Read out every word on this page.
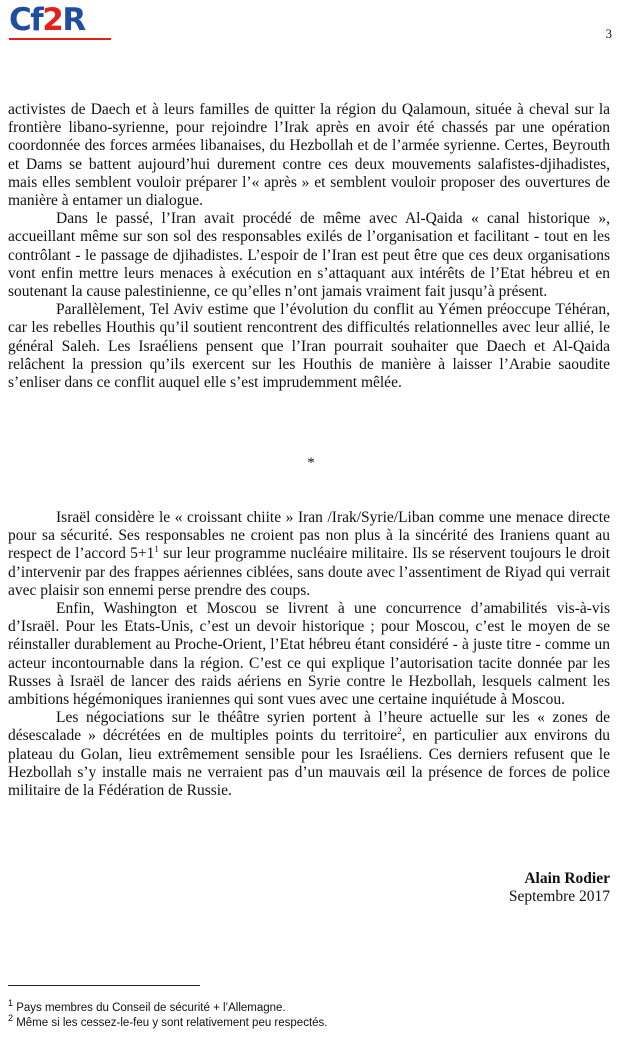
Cf2R	3

activistes de Daech et à leurs familles de quitter la région du Qalamoun, située à cheval sur la frontière libano-syrienne, pour rejoindre l’Irak après en avoir été chassés par une opération coordonnée des forces armées libanaises, du Hezbollah et de l’armée syrienne. Certes, Beyrouth et Dams se battent aujourd’hui durement contre ces deux mouvements salafistes-djihadistes, mais elles semblent vouloir préparer l’« après » et semblent vouloir proposer des ouvertures de manière à entamer un dialogue.

Dans le passé, l’Iran avait procédé de même avec Al-Qaida « canal historique », accueillant même sur son sol des responsables exilés de l’organisation et facilitant - tout en les contrôlant - le passage de djihadistes. L’espoir de l’Iran est peut être que ces deux organisations vont enfin mettre leurs menaces à exécution en s’attaquant aux intérêts de l’Etat hébreu et en soutenant la cause palestinienne, ce qu’elles n’ont jamais vraiment fait jusqu’à présent.

Parallèlement, Tel Aviv estime que l’évolution du conflit au Yémen préoccupe Téhéran, car les rebelles Houthis qu’il soutient rencontrent des difficultés relationnelles avec leur allié, le général Saleh. Les Israéliens pensent que l’Iran pourrait souhaiter que Daech et Al-Qaida relâchent la pression qu’ils exercent sur les Houthis de manière à laisser l’Arabie saoudite s’enliser dans ce conflit auquel elle s’est imprudemment mêlée.

*

Israël considère le « croissant chiite » Iran /Irak/Syrie/Liban comme une menace directe pour sa sécurité. Ses responsables ne croient pas non plus à la sincérité des Iraniens quant au respect de l’accord $5+1^1$ sur leur programme nucléaire militaire. Ils se réservent toujours le droit d’intervenir par des frappes aériennes ciblées, sans doute avec l’assentiment de Riyad qui verrait avec plaisir son ennemi perse prendre des coups.

Enfin, Washington et Moscou se livrent à une concurrence d’amabilités vis-à-vis d’Israël. Pour les Etats-Unis, c’est un devoir historique ; pour Moscou, c’est le moyen de se réinstaller durablement au Proche-Orient, l’Etat hébreu étant considéré - à juste titre - comme un acteur incontournable dans la région. C’est ce qui explique l’autorisation tacite donnée par les Russes à Israël de lancer des raids aériens en Syrie contre le Hezbollah, lesquels calment les ambitions hégémoniques iraniennes qui sont vues avec une certaine inquiétude à Moscou.

Les négociations sur le théâtre syrien portent à l’heure actuelle sur les « zones de désescalade » décrétées en de multiples points du territoire$^2$, en particulier aux environs du plateau du Golan, lieu extrêmement sensible pour les Israéliens. Ces derniers refusent que le Hezbollah s’y installe mais ne verraient pas d’un mauvais œil la présence de forces de police militaire de la Fédération de Russie.

Alain Rodier
Septembre 2017
$^1$ Pays membres du Conseil de sécurité + l’Allemagne.
$^2$ Même si les cessez-le-feu y sont relativement peu respectés.
